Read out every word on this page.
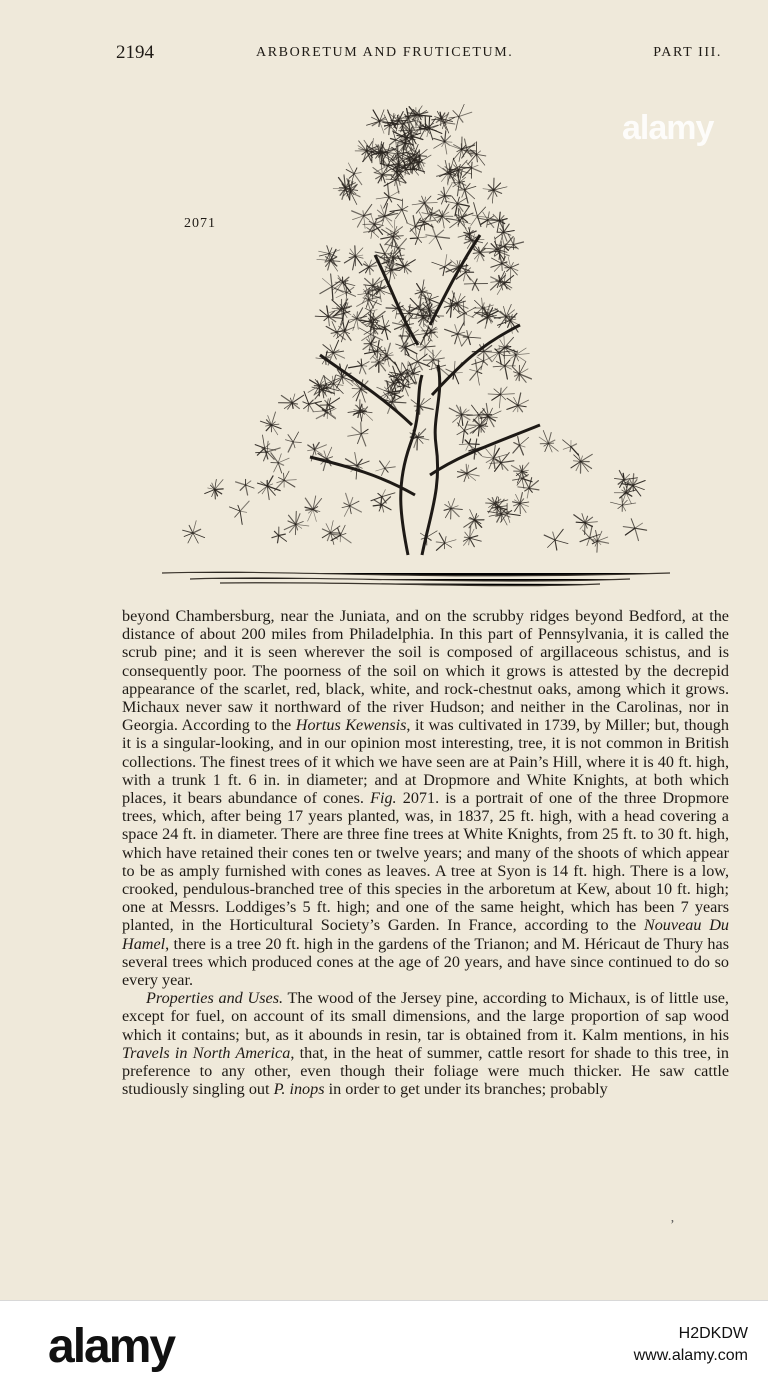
2194	ARBORETUM AND FRUTICETUM.	PART III.
2071
alamy

beyond Chambersburg, near the Juniata, and on the scrubby ridges beyond Bedford, at the distance of about 200 miles from Philadelphia. In this part of Pennsylvania, it is called the scrub pine; and it is seen wherever the soil is composed of argillaceous schistus, and is consequently poor. The poorness of the soil on which it grows is attested by the decrepid appearance of the scarlet, red, black, white, and rock-chestnut oaks, among which it grows. Michaux never saw it northward of the river Hudson; and neither in the Carolinas, nor in Georgia. According to the Hortus Kewensis, it was cultivated in 1739, by Miller; but, though it is a singular-looking, and in our opinion most interesting, tree, it is not common in British collections. The finest trees of it which we have seen are at Pain’s Hill, where it is 40 ft. high, with a trunk 1 ft. 6 in. in diameter; and at Dropmore and White Knights, at both which places, it bears abundance of cones. Fig. 2071. is a portrait of one of the three Dropmore trees, which, after being 17 years planted, was, in 1837, 25 ft. high, with a head covering a space 24 ft. in diameter. There are three fine trees at White Knights, from 25 ft. to 30 ft. high, which have retained their cones ten or twelve years; and many of the shoots of which appear to be as amply furnished with cones as leaves. A tree at Syon is 14 ft. high. There is a low, crooked, pendulous-branched tree of this species in the arboretum at Kew, about 10 ft. high; one at Messrs. Loddiges’s 5 ft. high; and one of the same height, which has been 7 years planted, in the Horticultural Society’s Garden. In France, according to the Nouveau Du Hamel, there is a tree 20 ft. high in the gardens of the Trianon; and M. Héricaut de Thury has several trees which produced cones at the age of 20 years, and have since continued to do so every year.

Properties and Uses. The wood of the Jersey pine, according to Michaux, is of little use, except for fuel, on account of its small dimensions, and the large proportion of sap wood which it contains; but, as it abounds in resin, tar is obtained from it. Kalm mentions, in his Travels in North America, that, in the heat of summer, cattle resort for shade to this tree, in preference to any other, even though their foliage were much thicker. He saw cattle studiously singling out P. inops in order to get under its branches; probably

ʼ
alamy	H2DKDW
www.alamy.com
